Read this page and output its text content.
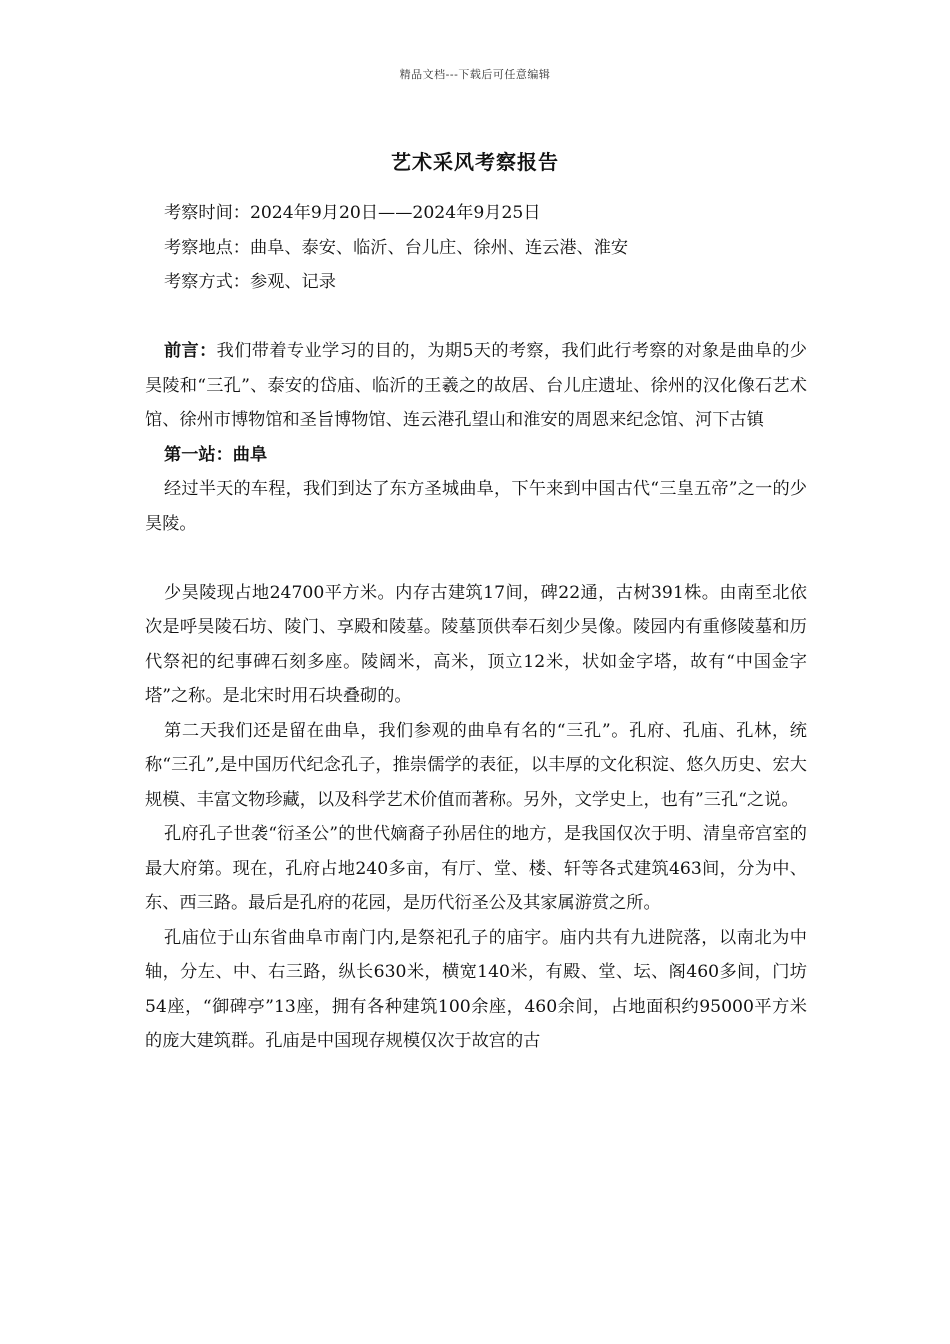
精品文档---下载后可任意编辑
艺术采风考察报告
考察时间：2024年9月20日——2024年9月25日
考察地点：曲阜、泰安、临沂、台儿庄、徐州、连云港、淮安
考察方式：参观、记录

前言：我们带着专业学习的目的，为期5天的考察，我们此行考察的对象是曲阜的少昊陵和“三孔”、泰安的岱庙、临沂的王羲之的故居、台儿庄遗址、徐州的汉化像石艺术馆、徐州市博物馆和圣旨博物馆、连云港孔望山和淮安的周恩来纪念馆、河下古镇

第一站：曲阜

经过半天的车程，我们到达了东方圣城曲阜，下午来到中国古代“三皇五帝”之一的少昊陵。

少昊陵现占地24700平方米。内存古建筑17间，碑22通，古树391株。由南至北依次是呼昊陵石坊、陵门、享殿和陵墓。陵墓顶供奉石刻少昊像。陵园内有重修陵墓和历代祭祀的纪事碑石刻多座。陵阔米，高米，顶立12米，状如金字塔，故有“中国金字塔”之称。是北宋时用石块叠砌的。

第二天我们还是留在曲阜，我们参观的曲阜有名的“三孔”。孔府、孔庙、孔林，统称“三孔”,是中国历代纪念孔子，推崇儒学的表征，以丰厚的文化积淀、悠久历史、宏大规模、丰富文物珍藏，以及科学艺术价值而著称。另外，文学史上，也有”三孔“之说。

孔府孔子世袭“衍圣公”的世代嫡裔子孙居住的地方，是我国仅次于明、清皇帝宫室的最大府第。现在，孔府占地240多亩，有厅、堂、楼、轩等各式建筑463间，分为中、东、西三路。最后是孔府的花园，是历代衍圣公及其家属游赏之所。

孔庙位于山东省曲阜市南门内,是祭祀孔子的庙宇。庙内共有九进院落，以南北为中轴，分左、中、右三路，纵长630米，横宽140米，有殿、堂、坛、阁460多间，门坊54座，“御碑亭”13座，拥有各种建筑100余座，460余间，占地面积约95000平方米的庞大建筑群。孔庙是中国现存规模仅次于故宫的古
